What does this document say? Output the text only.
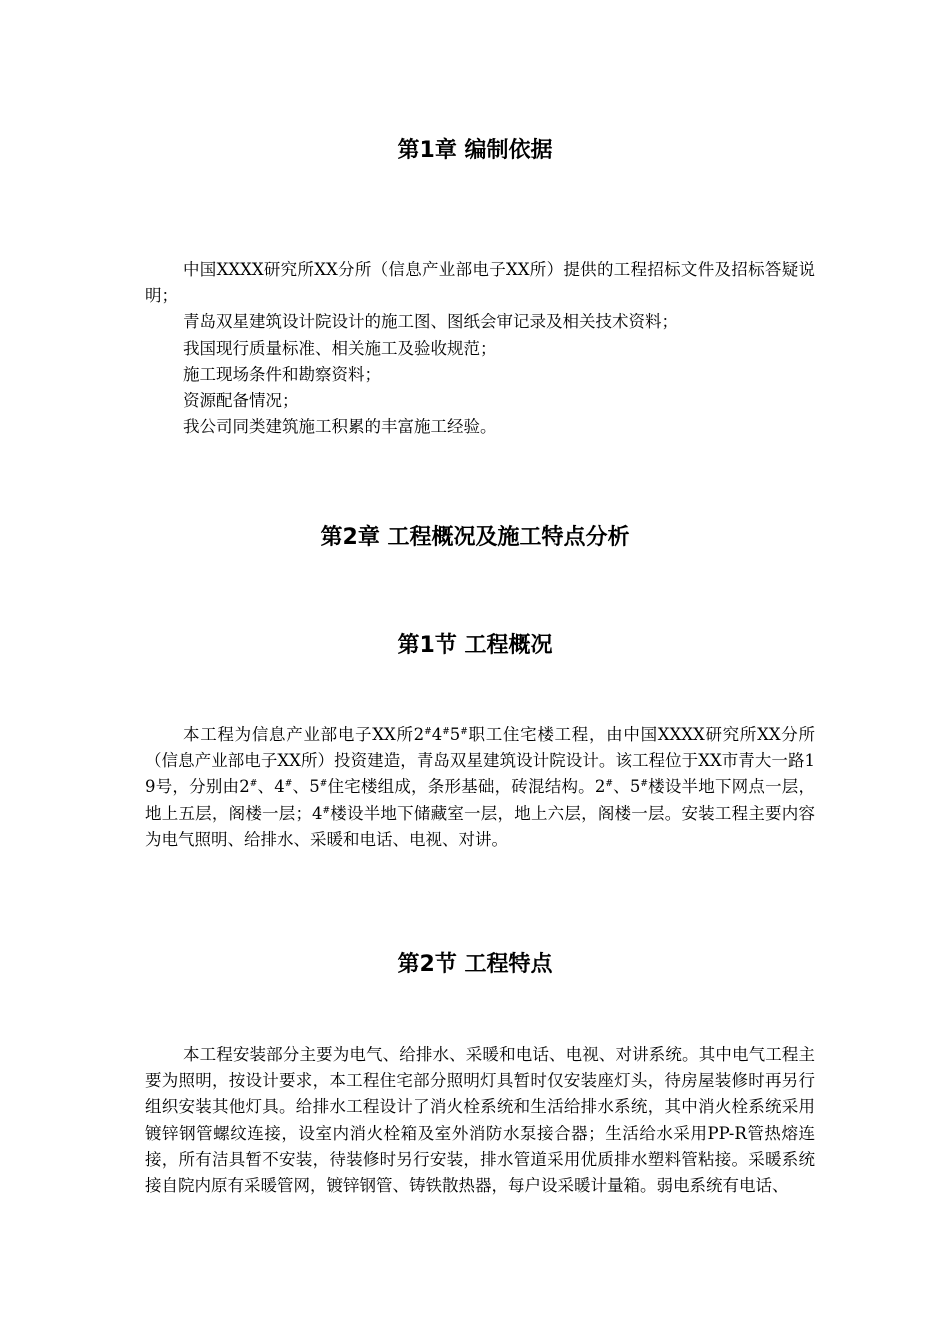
第1章 编制依据

中国XXXX研究所XX分所（信息产业部电子XX所）提供的工程招标文件及招标答疑说明；

青岛双星建筑设计院设计的施工图、图纸会审记录及相关技术资料；

我国现行质量标准、相关施工及验收规范；

施工现场条件和勘察资料；

资源配备情况；

我公司同类建筑施工积累的丰富施工经验。

第2章 工程概况及施工特点分析
第1节 工程概况

本工程为信息产业部电子XX所2#4#5#职工住宅楼工程，由中国XXXX研究所XX分所（信息产业部电子XX所）投资建造，青岛双星建筑设计院设计。该工程位于XX市青大一路19号，分别由2#、4#、5#住宅楼组成，条形基础，砖混结构。2#、5#楼设半地下网点一层，地上五层，阁楼一层；4#楼设半地下储藏室一层，地上六层，阁楼一层。安装工程主要内容为电气照明、给排水、采暖和电话、电视、对讲。

第2节 工程特点

本工程安装部分主要为电气、给排水、采暖和电话、电视、对讲系统。其中电气工程主要为照明，按设计要求，本工程住宅部分照明灯具暂时仅安装座灯头，待房屋装修时再另行组织安装其他灯具。给排水工程设计了消火栓系统和生活给排水系统，其中消火栓系统采用镀锌钢管螺纹连接，设室内消火栓箱及室外消防水泵接合器；生活给水采用PP-R管热熔连接，所有洁具暂不安装，待装修时另行安装，排水管道采用优质排水塑料管粘接。采暖系统接自院内原有采暖管网，镀锌钢管、铸铁散热器，每户设采暖计量箱。弱电系统有电话、
